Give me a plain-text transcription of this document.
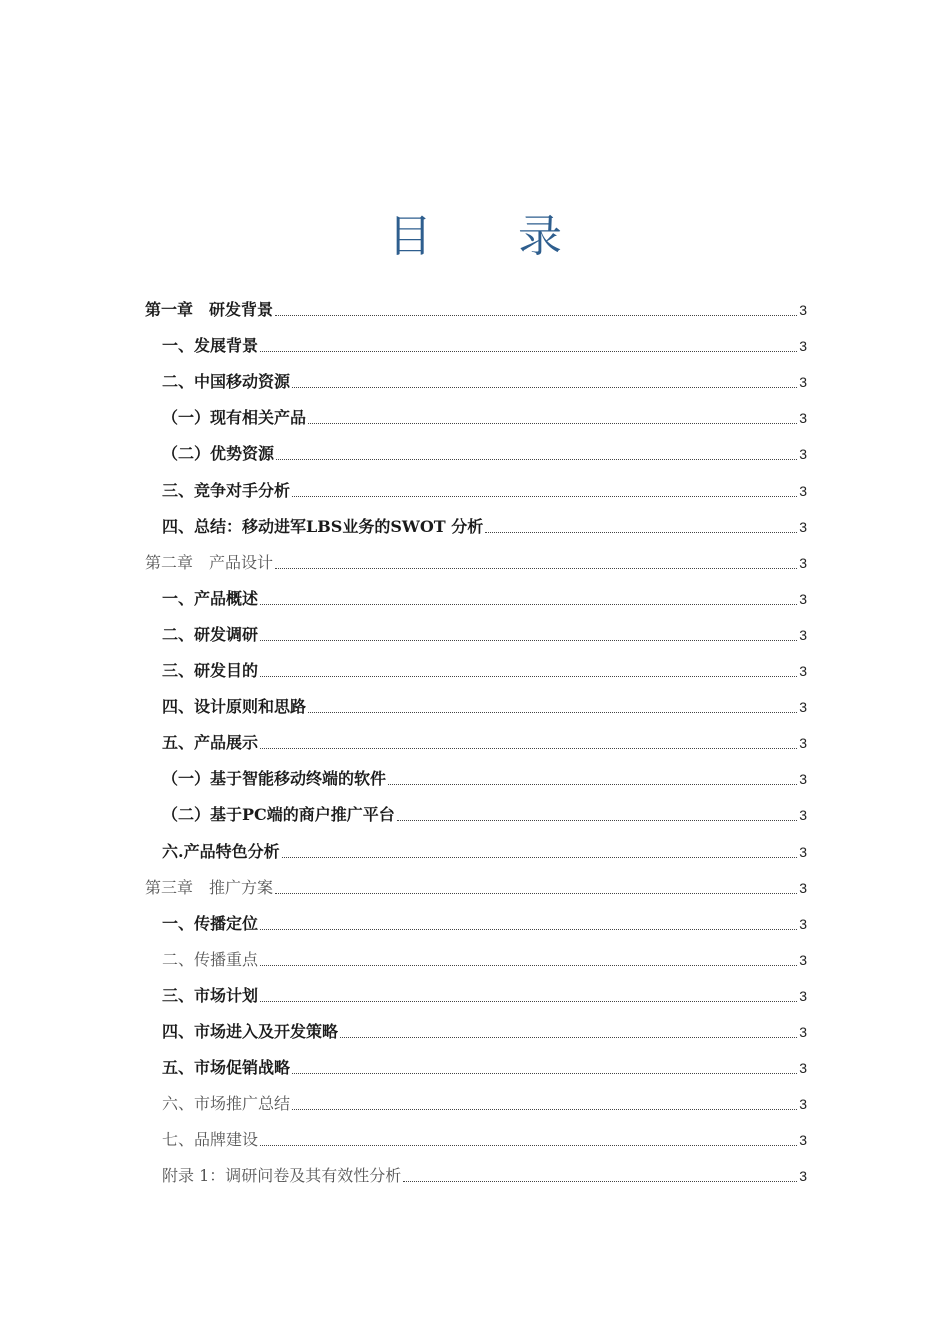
目 录
第一章　研发背景	3
一、发展背景	3
二、中国移动资源	3
（一）现有相关产品	3
（二）优势资源	3
三、竞争对手分析	3
四、总结：移动进军LBS业务的SWOT 分析	3
第二章　产品设计	3
一、产品概述	3
二、研发调研	3
三、研发目的	3
四、设计原则和思路	3
五、产品展示	3
（一）基于智能移动终端的软件	3
（二）基于PC端的商户推广平台	3
六.产品特色分析	3
第三章　推广方案	3
一、传播定位	3
二、传播重点	3
三、市场计划	3
四、市场进入及开发策略	3
五、市场促销战略	3
六、市场推广总结	3
七、品牌建设	3
附录 1：调研问卷及其有效性分析	3
